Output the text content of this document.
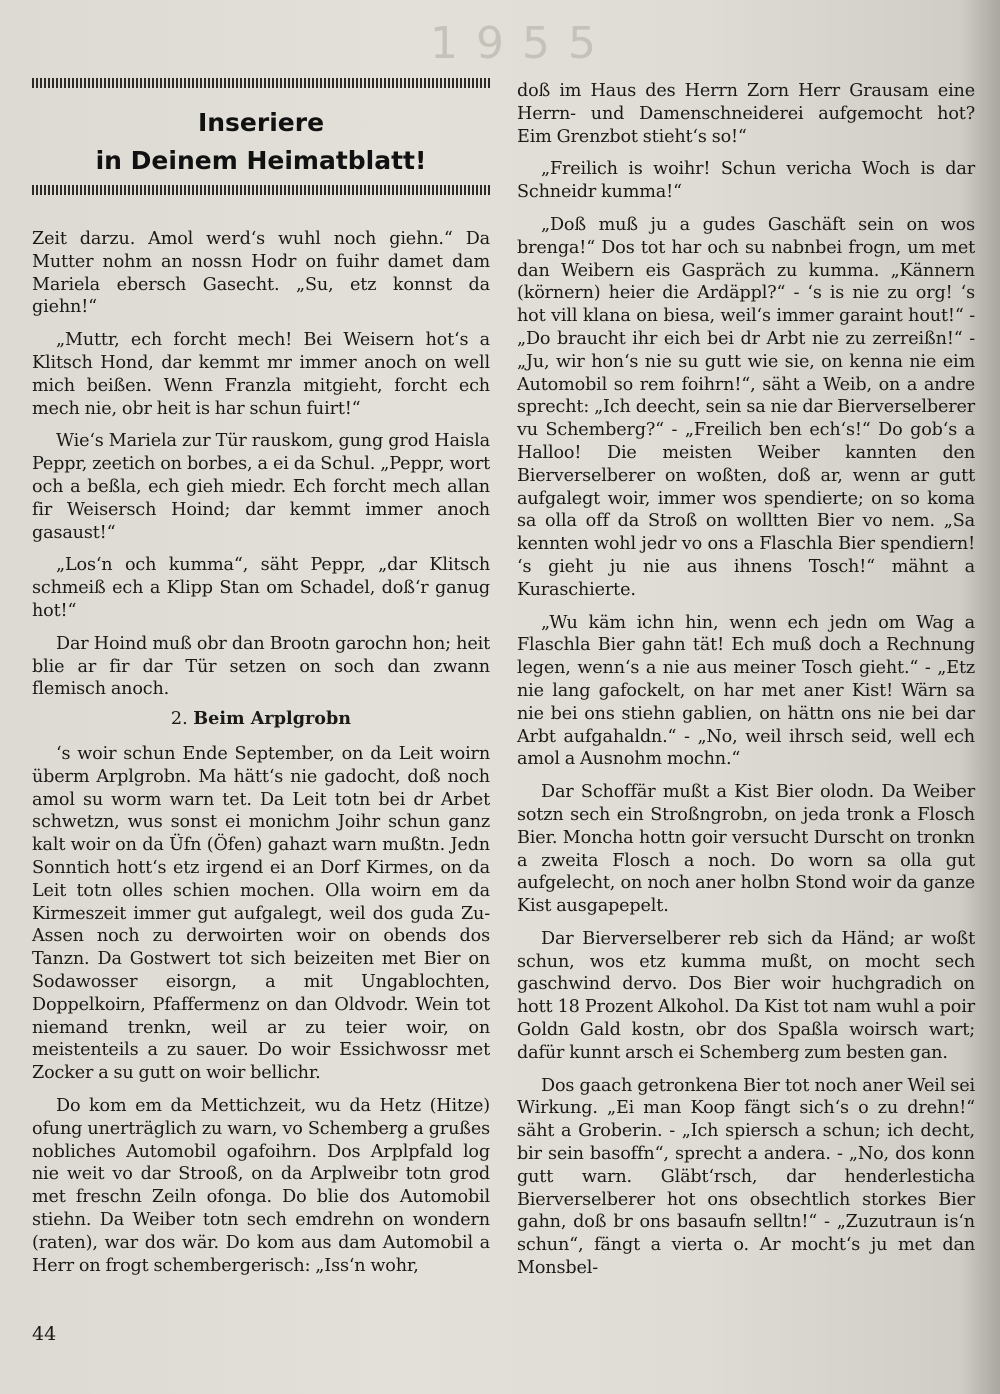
1955
Inseriere
in Deinem Heimatblatt!

Zeit darzu. Amol werd‘s wuhl noch giehn.“ Da Mutter nohm an nossn Hodr on fuihr damet dam Mariela ebersch Gasecht. „Su, etz konnst da giehn!“

„Muttr, ech forcht mech! Bei Weisern hot‘s a Klitsch Hond, dar kemmt mr immer anoch on well mich beißen. Wenn Franzla mitgieht, forcht ech mech nie, obr heit is har schun fuirt!“

Wie‘s Mariela zur Tür rauskom, gung grod Haisla Peppr, zeetich on borbes, a ei da Schul. „Peppr, wort och a beßla, ech gieh miedr. Ech forcht mech allan fir Weisersch Hoind; dar kemmt immer anoch gasaust!“

„Los‘n och kumma“, säht Peppr, „dar Klitsch schmeiß ech a Klipp Stan om Schadel, doß‘r ganug hot!“

Dar Hoind muß obr dan Brootn garochn hon; heit blie ar fir dar Tür setzen on soch dan zwann flemisch anoch.

2. Beim Arplgrobn

‘s woir schun Ende September, on da Leit woirn überm Arplgrobn. Ma hätt‘s nie gadocht, doß noch amol su worm warn tet. Da Leit totn bei dr Arbet schwetzn, wus sonst ei monichm Joihr schun ganz kalt woir on da Üfn (Öfen) gahazt warn mußtn. Jedn Sonntich hott‘s etz irgend ei an Dorf Kirmes, on da Leit totn olles schien mochen. Olla woirn em da Kirmeszeit immer gut aufgalegt, weil dos guda Zu-Assen noch zu derwoirten woir on obends dos Tanzn. Da Gostwert tot sich beizeiten met Bier on Sodawosser eisorgn, a mit Ungablochten, Doppelkoirn, Pfaffermenz on dan Oldvodr. Wein tot niemand trenkn, weil ar zu teier woir, on meistenteils a zu sauer. Do woir Essichwossr met Zocker a su gutt on woir bellichr.

Do kom em da Mettichzeit, wu da Hetz (Hitze) ofung unerträglich zu warn, vo Schemberg a grußes nobliches Automobil ogafoihrn. Dos Arplpfald log nie weit vo dar Strooß, on da Arplweibr totn grod met freschn Zeiln ofonga. Do blie dos Automobil stiehn. Da Weiber totn sech emdrehn on wondern (raten), war dos wär. Do kom aus dam Automobil a Herr on frogt schembergerisch: „Iss‘n wohr,

doß im Haus des Herrn Zorn Herr Grausam eine Herrn- und Damenschneiderei aufgemocht hot? Eim Grenzbot stieht‘s so!“

„Freilich is woihr! Schun vericha Woch is dar Schneidr kumma!“

„Doß muß ju a gudes Gaschäft sein on wos brenga!“ Dos tot har och su nabnbei frogn, um met dan Weibern eis Gaspräch zu kumma. „Kännern (körnern) heier die Ardäppl?“ - ‘s is nie zu org! ‘s hot vill klana on biesa, weil‘s immer garaint hout!“ - „Do braucht ihr eich bei dr Arbt nie zu zerreißn!“ - „Ju, wir hon‘s nie su gutt wie sie, on kenna nie eim Automobil so rem foihrn!“, säht a Weib, on a andre sprecht: „Ich deecht, sein sa nie dar Bierverselberer vu Schemberg?“ - „Freilich ben ech‘s!“ Do gob‘s a Halloo! Die meisten Weiber kannten den Bierverselberer on woßten, doß ar, wenn ar gutt aufgalegt woir, immer wos spendierte; on so koma sa olla off da Stroß on wolltten Bier vo nem. „Sa kennten wohl jedr vo ons a Flaschla Bier spendiern! ‘s gieht ju nie aus ihnens Tosch!“ mähnt a Kuraschierte.

„Wu käm ichn hin, wenn ech jedn om Wag a Flaschla Bier gahn tät! Ech muß doch a Rechnung legen, wenn‘s a nie aus meiner Tosch gieht.“ - „Etz nie lang gafockelt, on har met aner Kist! Wärn sa nie bei ons stiehn gablien, on hättn ons nie bei dar Arbt aufgahaldn.“ - „No, weil ihrsch seid, well ech amol a Ausnohm mochn.“

Dar Schoffär mußt a Kist Bier olodn. Da Weiber sotzn sech ein Stroßngrobn, on jeda tronk a Flosch Bier. Moncha hottn goir versucht Durscht on tronkn a zweita Flosch a noch. Do worn sa olla gut aufgelecht, on noch aner holbn Stond woir da ganze Kist ausgapepelt.

Dar Bierverselberer reb sich da Händ; ar woßt schun, wos etz kumma mußt, on mocht sech gaschwind dervo. Dos Bier woir huchgradich on hott 18 Prozent Alkohol. Da Kist tot nam wuhl a poir Goldn Gald kostn, obr dos Spaßla woirsch wart; dafür kunnt arsch ei Schemberg zum besten gan.

Dos gaach getronkena Bier tot noch aner Weil sei Wirkung. „Ei man Koop fängt sich‘s o zu drehn!“ säht a Groberin. - „Ich spiersch a schun; ich decht, bir sein basoffn“, sprecht a andera. - „No, dos konn gutt warn. Gläbt‘rsch, dar henderlesticha Bierverselberer hot ons obsechtlich storkes Bier gahn, doß br ons basaufn selltn!“ - „Zuzutraun is‘n schun“, fängt a vierta o. Ar mocht‘s ju met dan Monsbel-

44
